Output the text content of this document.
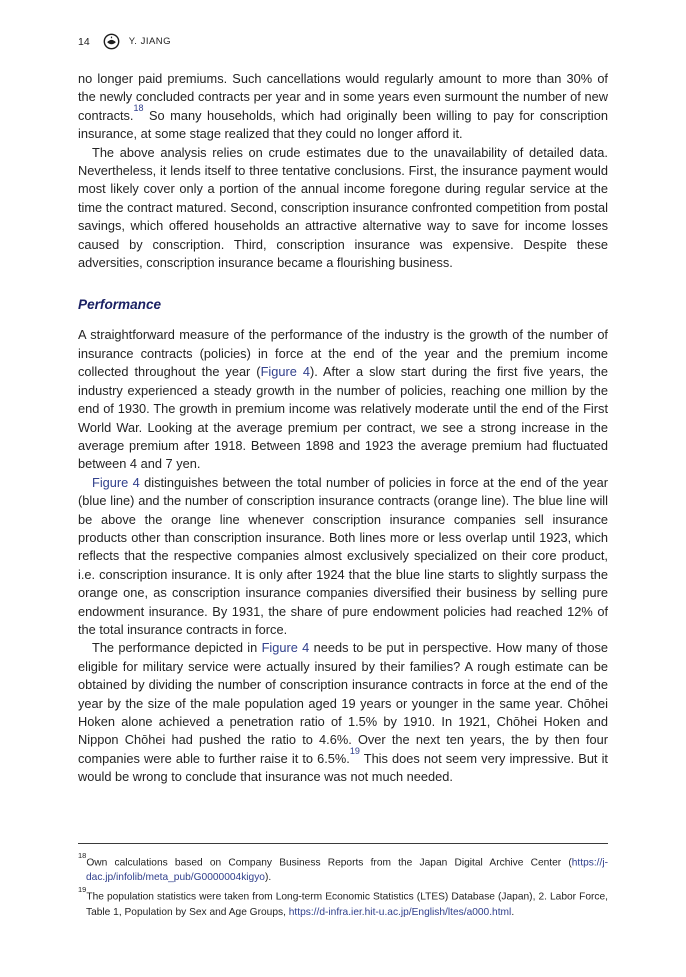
14	Y. JIANG

no longer paid premiums. Such cancellations would regularly amount to more than 30% of the newly concluded contracts per year and in some years even surmount the number of new contracts.$^{18}$ So many households, which had originally been willing to pay for conscription insurance, at some stage realized that they could no longer afford it.

The above analysis relies on crude estimates due to the unavailability of detailed data. Nevertheless, it lends itself to three tentative conclusions. First, the insurance payment would most likely cover only a portion of the annual income foregone during regular service at the time the contract matured. Second, conscription insurance confronted competition from postal savings, which offered households an attractive alternative way to save for income losses caused by conscription. Third, conscription insurance was expensive. Despite these adversities, conscription insurance became a flourishing business.

Performance

A straightforward measure of the performance of the industry is the growth of the number of insurance contracts (policies) in force at the end of the year and the premium income collected throughout the year (Figure 4). After a slow start during the first five years, the industry experienced a steady growth in the number of policies, reaching one million by the end of 1930. The growth in premium income was relatively moderate until the end of the First World War. Looking at the average premium per contract, we see a strong increase in the average premium after 1918. Between 1898 and 1923 the average premium had fluctuated between 4 and 7 yen.

Figure 4 distinguishes between the total number of policies in force at the end of the year (blue line) and the number of conscription insurance contracts (orange line). The blue line will be above the orange line whenever conscription insurance companies sell insurance products other than conscription insurance. Both lines more or less overlap until 1923, which reflects that the respective companies almost exclusively specialized on their core product, i.e. conscription insurance. It is only after 1924 that the blue line starts to slightly surpass the orange one, as conscription insurance companies diversified their business by selling pure endowment insurance. By 1931, the share of pure endowment policies had reached 12% of the total insurance contracts in force.

The performance depicted in Figure 4 needs to be put in perspective. How many of those eligible for military service were actually insured by their families? A rough estimate can be obtained by dividing the number of conscription insurance contracts in force at the end of the year by the size of the male population aged 19 years or younger in the same year. Chōhei Hoken alone achieved a penetration ratio of 1.5% by 1910. In 1921, Chōhei Hoken and Nippon Chōhei had pushed the ratio to 4.6%. Over the next ten years, the by then four companies were able to further raise it to 6.5%.$^{19}$ This does not seem very impressive. But it would be wrong to conclude that insurance was not much needed.

$^{18}$Own calculations based on Company Business Reports from the Japan Digital Archive Center (https://j-dac.jp/infolib/meta_pub/G0000004kigyo).

$^{19}$The population statistics were taken from Long-term Economic Statistics (LTES) Database (Japan), 2. Labor Force, Table 1, Population by Sex and Age Groups, https://d-infra.ier.hit-u.ac.jp/English/ltes/a000.html.
